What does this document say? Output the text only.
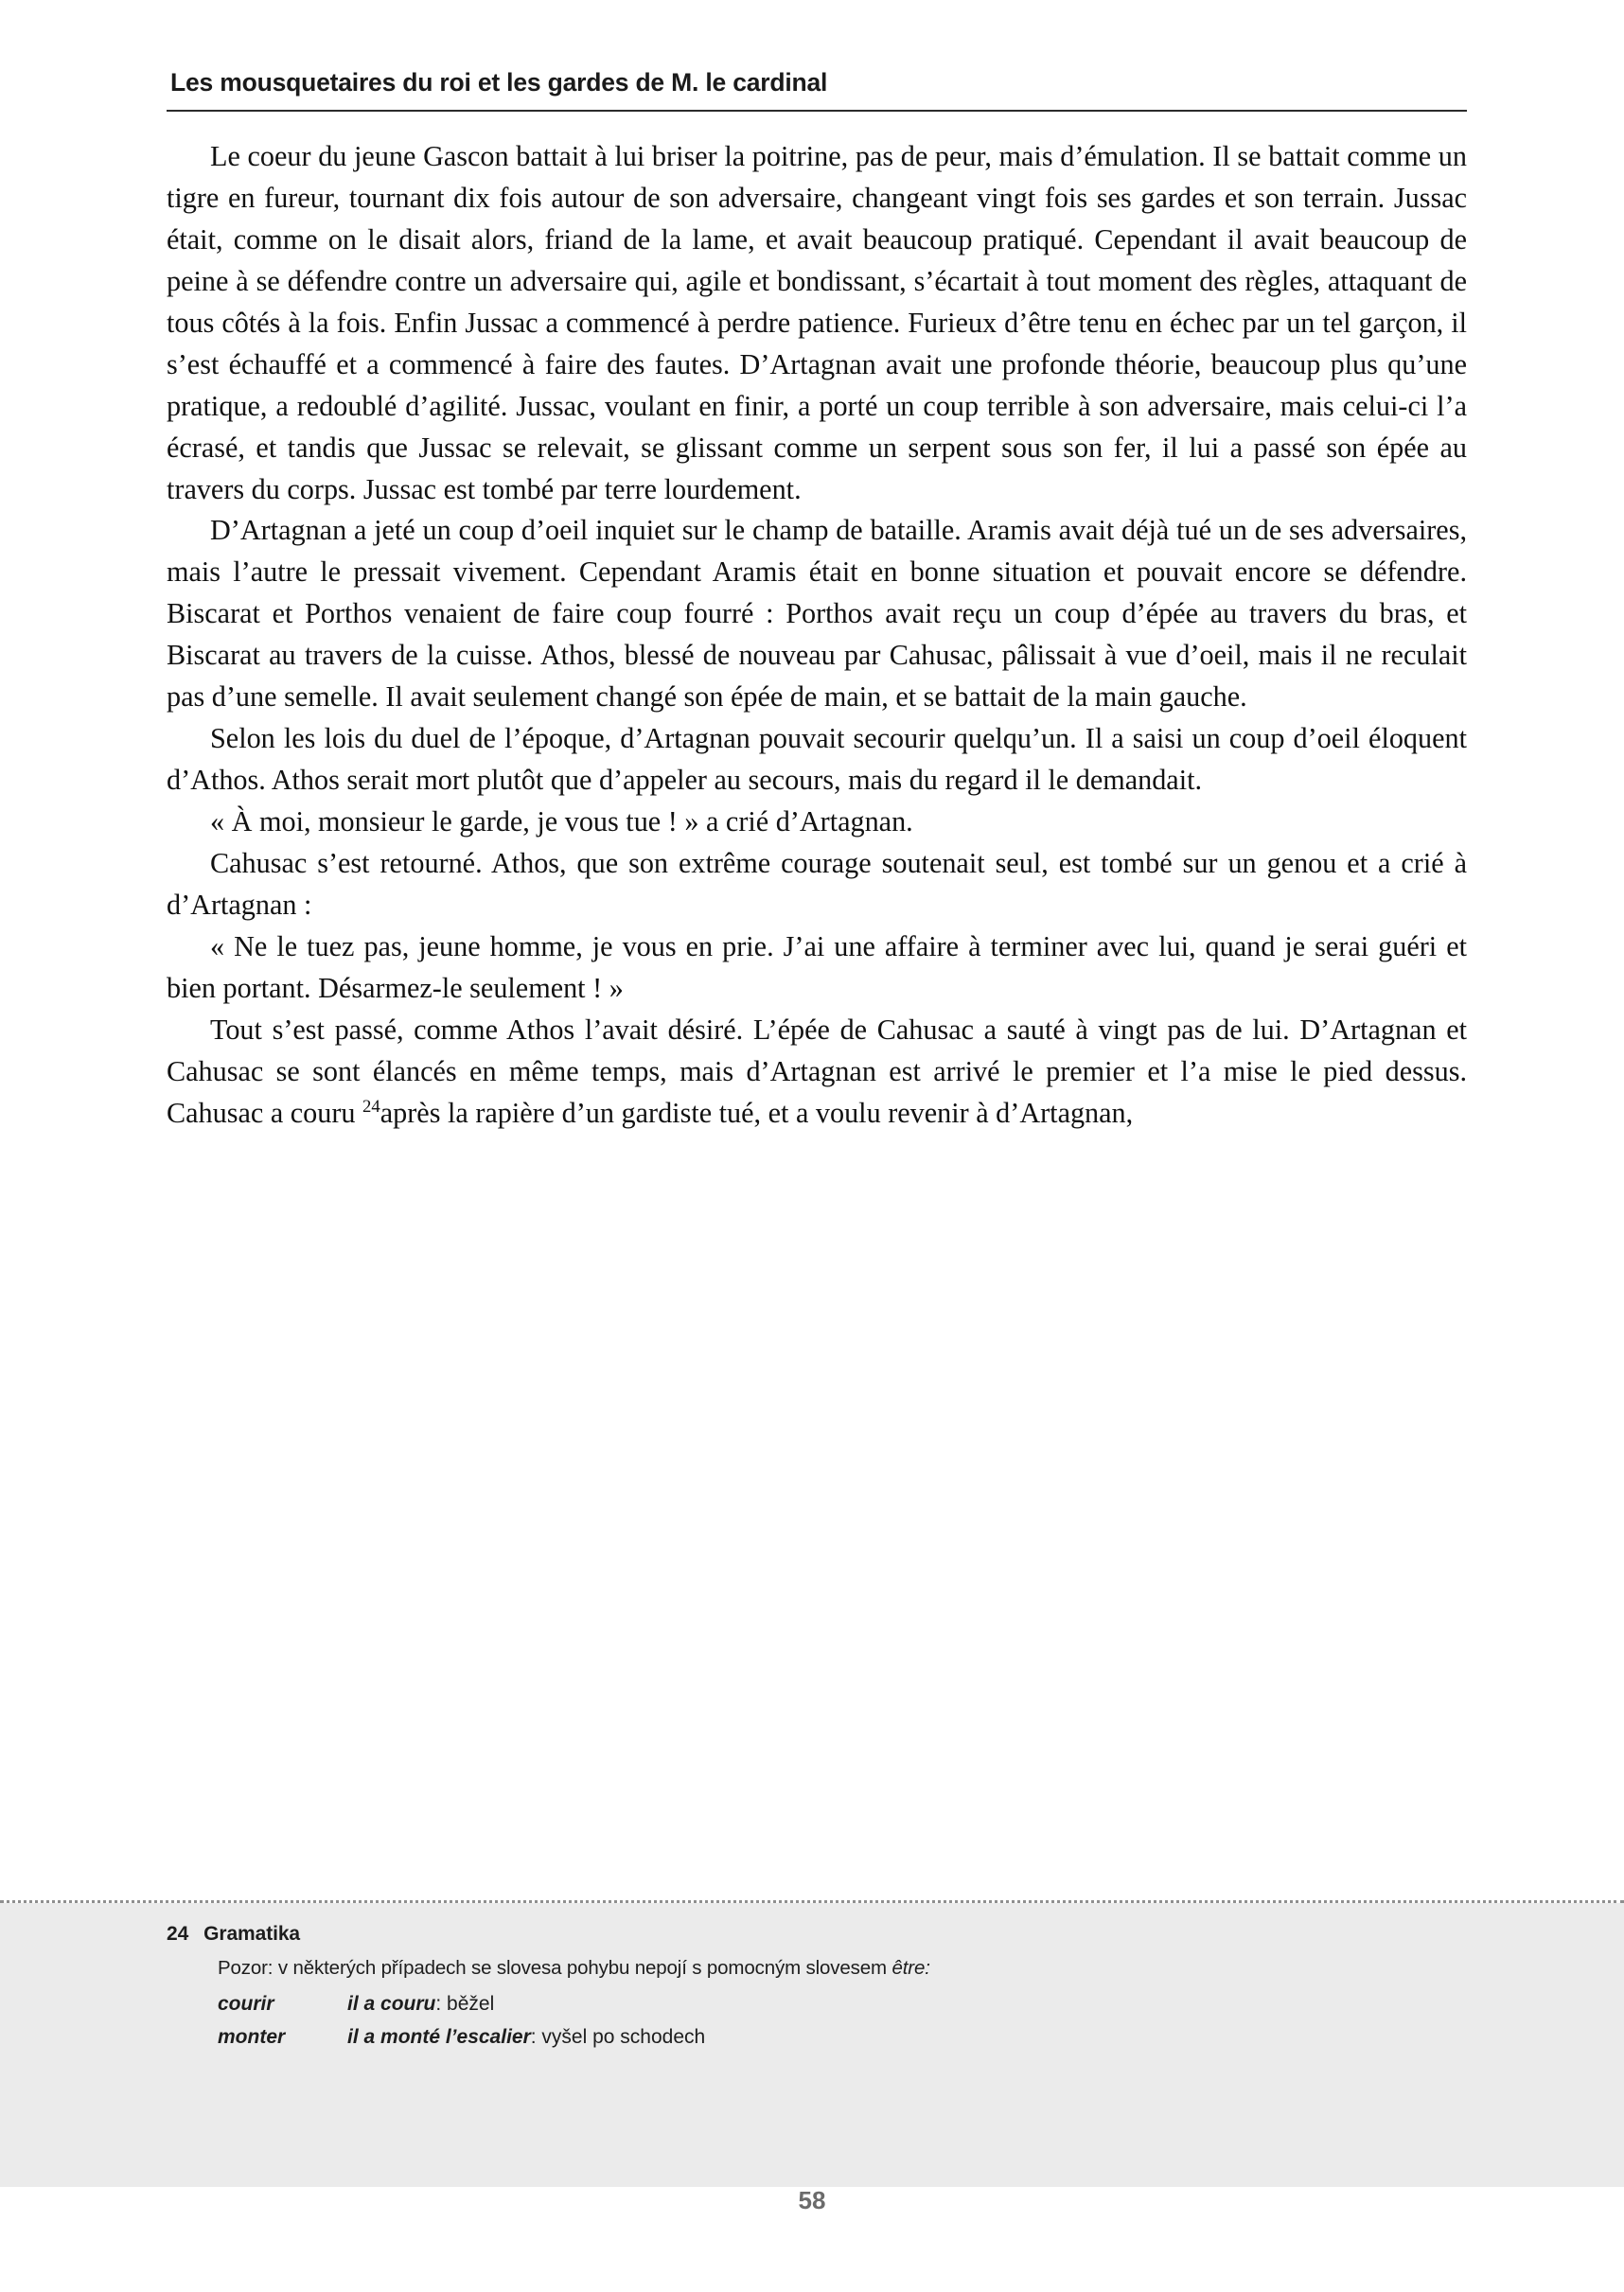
Les mousquetaires du roi et les gardes de M. le cardinal

Le coeur du jeune Gascon battait à lui briser la poitrine, pas de peur, mais d’émulation. Il se battait comme un tigre en fureur, tournant dix fois autour de son adversaire, changeant vingt fois ses gardes et son terrain. Jussac était, comme on le disait alors, friand de la lame, et avait beaucoup pratiqué. Cependant il avait beaucoup de peine à se défendre contre un adversaire qui, agile et bondissant, s’écartait à tout moment des règles, attaquant de tous côtés à la fois. Enfin Jussac a commencé à perdre patience. Furieux d’être tenu en échec par un tel garçon, il s’est échauffé et a commencé à faire des fautes. D’Artagnan avait une profonde théorie, beaucoup plus qu’une pratique, a redoublé d’agilité. Jussac, voulant en finir, a porté un coup terrible à son adversaire, mais celui-ci l’a écrasé, et tandis que Jussac se relevait, se glissant comme un serpent sous son fer, il lui a passé son épée au travers du corps. Jussac est tombé par terre lourdement.

D’Artagnan a jeté un coup d’oeil inquiet sur le champ de bataille. Aramis avait déjà tué un de ses adversaires, mais l’autre le pressait vivement. Cependant Aramis était en bonne situation et pouvait encore se défendre. Biscarat et Porthos venaient de faire coup fourré : Porthos avait reçu un coup d’épée au travers du bras, et Biscarat au travers de la cuisse. Athos, blessé de nouveau par Cahusac, pâlissait à vue d’oeil, mais il ne reculait pas d’une semelle. Il avait seulement changé son épée de main, et se battait de la main gauche.

Selon les lois du duel de l’époque, d’Artagnan pouvait secourir quelqu’un. Il a saisi un coup d’oeil éloquent d’Athos. Athos serait mort plutôt que d’appeler au secours, mais du regard il le demandait.

« À moi, monsieur le garde, je vous tue ! » a crié d’Artagnan.

Cahusac s’est retourné. Athos, que son extrême courage soutenait seul, est tombé sur un genou et a crié à d’Artagnan :

« Ne le tuez pas, jeune homme, je vous en prie. J’ai une affaire à terminer avec lui, quand je serai guéri et bien portant. Désarmez-le seulement ! »

Tout s’est passé, comme Athos l’avait désiré. L’épée de Cahusac a sauté à vingt pas de lui. D’Artagnan et Cahusac se sont élancés en même temps, mais d’Artagnan est arrivé le premier et l’a mise le pied dessus. Cahusac a couru $^{24}$après la rapière d’un gardiste tué, et a voulu revenir à d’Artagnan,

24 Gramatika
Pozor: v některých případech se slovesa pohybu nepojí s pomocným slovesem être:
courir	il a couru: běžel
monter	il a monté l’escalier: vyšel po schodech
58
